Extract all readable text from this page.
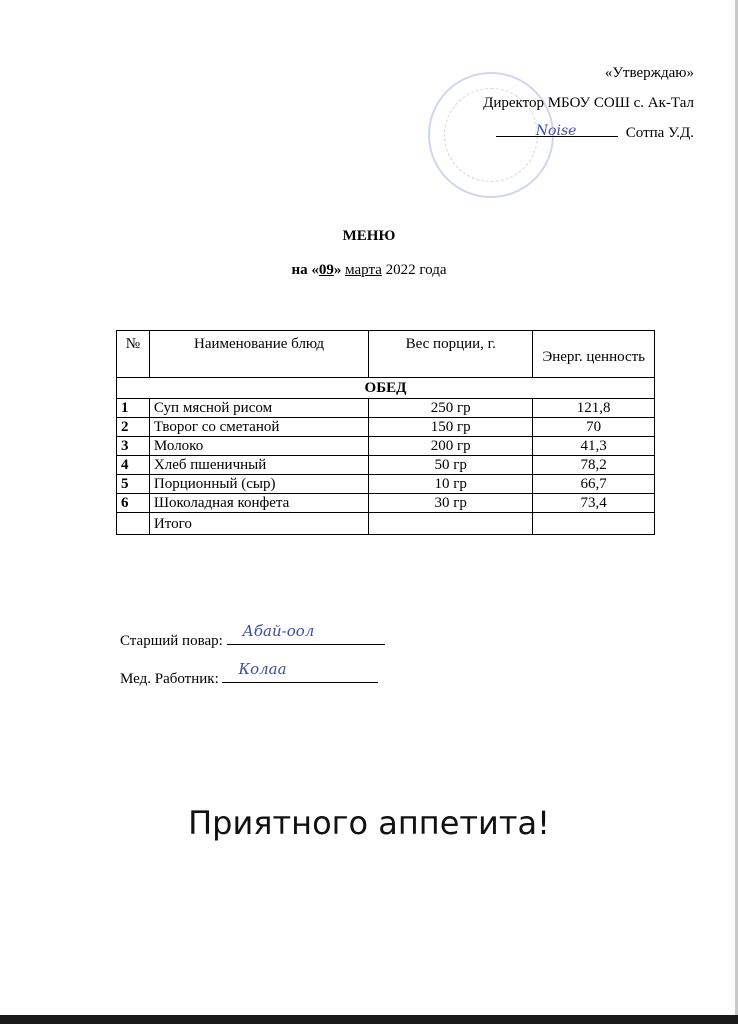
«Утверждаю»
Директор МБОУ СОШ с. Ак-Тал
Noise	Сотпа У.Д.
МЕНЮ
на «09» марта 2022 года
№	Наименование блюд	Вес порции, г.	Энерг. ценность
ОБЕД			
1	Суп мясной рисом	250 гр	121,8
2	Творог со сметаной	150 гр	70
3	Молоко	200 гр	41,3
4	Хлеб пшеничный	50 гр	78,2
5	Порционный (сыр)	10 гр	66,7
6	Шоколадная конфета	30 гр	73,4
	Итого		
Старший повар:
Абай-оол
Мед. Работник:
Колаа
Приятного аппетита!
